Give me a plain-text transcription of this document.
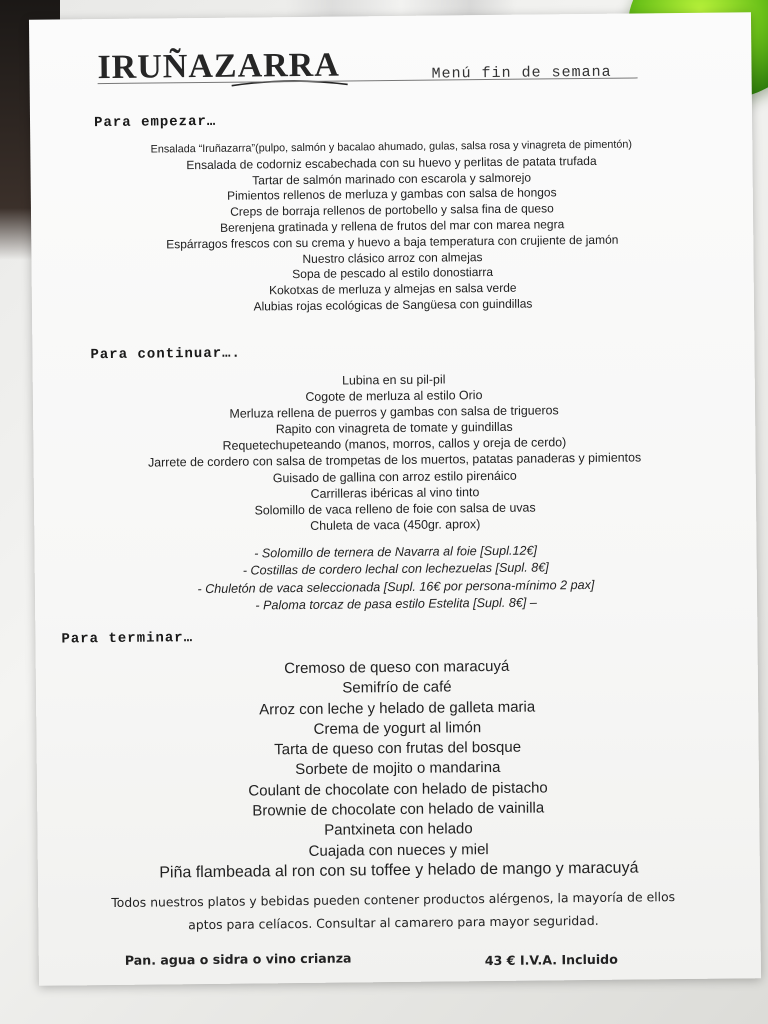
IRUÑAZARRA	Menú fin de semana
Para empezar…
Ensalada “Iruñazarra”(pulpo, salmón y bacalao ahumado, gulas, salsa rosa y vinagreta de pimentón)
Ensalada de codorniz escabechada con su huevo y perlitas de patata trufada
Tartar de salmón marinado con escarola y salmorejo
Pimientos rellenos de merluza y gambas con salsa de hongos
Creps de borraja rellenos de portobello y salsa fina de queso
Berenjena gratinada y rellena de frutos del mar con marea negra
Espárragos frescos con su crema y huevo a baja temperatura con crujiente de jamón
Nuestro clásico arroz con almejas
Sopa de pescado al estilo donostiarra
Kokotxas de merluza y almejas en salsa verde
Alubias rojas ecológicas de Sangüesa con guindillas
Para continuar….
Lubina en su pil-pil
Cogote de merluza al estilo Orio
Merluza rellena de puerros y gambas con salsa de trigueros
Rapito con vinagreta de tomate y guindillas
Requetechupeteando (manos, morros, callos y oreja de cerdo)
Jarrete de cordero con salsa de trompetas de los muertos, patatas panaderas y pimientos
Guisado de gallina con arroz estilo pirenáico
Carrilleras ibéricas al vino tinto
Solomillo de vaca relleno de foie con salsa de uvas
Chuleta de vaca (450gr. aprox)
- Solomillo de ternera de Navarra al foie [Supl.12€]
- Costillas de cordero lechal con lechezuelas [Supl. 8€]
- Chuletón de vaca seleccionada [Supl. 16€ por persona-mínimo 2 pax]
- Paloma torcaz de pasa estilo Estelita [Supl. 8€] –
Para terminar…
Cremoso de queso con maracuyá
Semifrío de café
Arroz con leche y helado de galleta maria
Crema de yogurt al limón
Tarta de queso con frutas del bosque
Sorbete de mojito o mandarina
Coulant de chocolate con helado de pistacho
Brownie de chocolate con helado de vainilla
Pantxineta con helado
Cuajada con nueces y miel
Piña flambeada al ron con su toffee y helado de mango y maracuyá
Todos nuestros platos y bebidas pueden contener productos alérgenos, la mayoría de ellos
aptos para celíacos. Consultar al camarero para mayor seguridad.
Pan. agua o sidra o vino crianza	43 € I.V.A. Incluido
